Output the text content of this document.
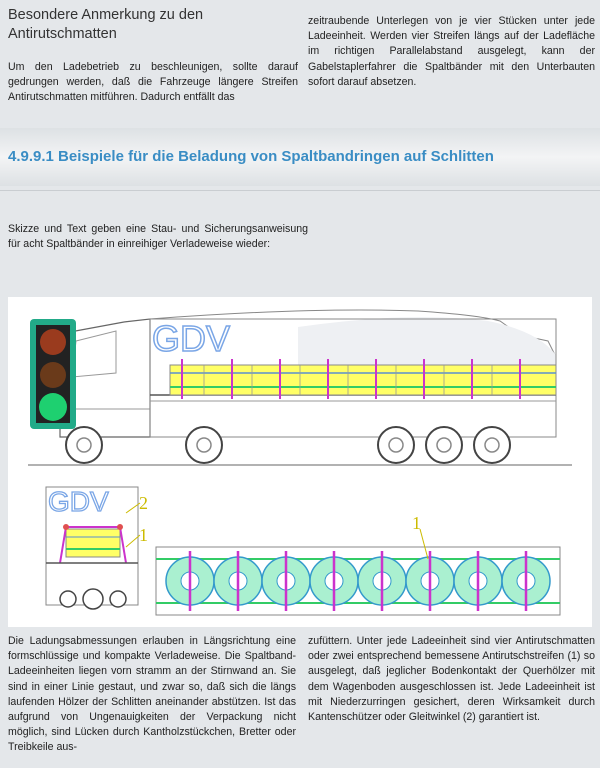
Besondere Anmerkung zu den Antirutschmatten
Um den Ladebetrieb zu beschleunigen, sollte darauf gedrungen werden, daß die Fahrzeuge längere Streifen Antirutschmatten mitführen. Dadurch entfällt das
zeitraubende Unterlegen von je vier Stücken unter jede Ladeeinheit. Werden vier Streifen längs auf der Ladefläche im richtigen Parallelabstand ausgelegt, kann der Gabelstaplerfahrer die Spaltbänder mit den Unterbauten sofort darauf absetzen.
4.9.9.1 Beispiele für die Beladung von Spaltbandringen auf Schlitten
Skizze und Text geben eine Stau- und Sicherungsanweisung für acht Spaltbänder in einreihiger Verladeweise wieder:
GDV
GDV 2
1
1
Die Ladungsabmessungen erlauben in Längsrichtung eine formschlüssige und kompakte Verladeweise. Die Spaltband-Ladeeinheiten liegen vorn stramm an der Stirnwand an. Sie sind in einer Linie gestaut, und zwar so, daß sich die längs laufenden Hölzer der Schlitten aneinander abstützen. Ist das aufgrund von Ungenauigkeiten der Verpackung nicht möglich, sind Lücken durch Kantholzstückchen, Bretter oder Treibkeile aus-
zufüttern. Unter jede Ladeeinheit sind vier Antirutschmatten oder zwei entsprechend bemessene Antirutschstreifen (1) so ausgelegt, daß jeglicher Bodenkontakt der Querhölzer mit dem Wagenboden ausgeschlossen ist. Jede Ladeeinheit ist mit Niederzurringen gesichert, deren Wirksamkeit durch Kantenschützer oder Gleitwinkel (2) garantiert ist.
